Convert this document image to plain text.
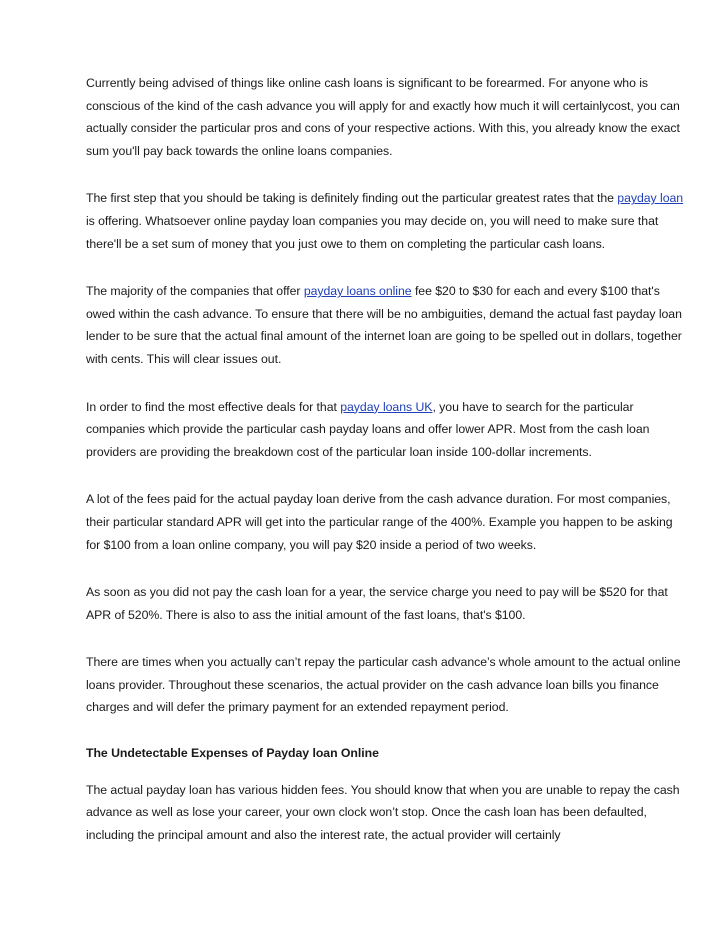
Currently being advised of things like online cash loans is significant to be forearmed. For anyone who is conscious of the kind of the cash advance you will apply for and exactly how much it will certainlycost, you can actually consider the particular pros and cons of your respective actions. With this, you already know the exact sum you'll pay back towards the online loans companies.

The first step that you should be taking is definitely finding out the particular greatest rates that the payday loan is offering. Whatsoever online payday loan companies you may decide on, you will need to make sure that there'll be a set sum of money that you just owe to them on completing the particular cash loans.

The majority of the companies that offer payday loans online fee $20 to $30 for each and every $100 that's owed within the cash advance. To ensure that there will be no ambiguities, demand the actual fast payday loan lender to be sure that the actual final amount of the internet loan are going to be spelled out in dollars, together with cents. This will clear issues out.

In order to find the most effective deals for that payday loans UK, you have to search for the particular companies which provide the particular cash payday loans and offer lower APR. Most from the cash loan providers are providing the breakdown cost of the particular loan inside 100-dollar increments.

A lot of the fees paid for the actual payday loan derive from the cash advance duration. For most companies, their particular standard APR will get into the particular range of the 400%. Example you happen to be asking for $100 from a loan online company, you will pay $20 inside a period of two weeks.

As soon as you did not pay the cash loan for a year, the service charge you need to pay will be $520 for that APR of 520%. There is also to ass the initial amount of the fast loans, that's $100.

There are times when you actually can’t repay the particular cash advance’s whole amount to the actual online loans provider. Throughout these scenarios, the actual provider on the cash advance loan bills you finance charges and will defer the primary payment for an extended repayment period.

The Undetectable Expenses of Payday loan Online

The actual payday loan has various hidden fees. You should know that when you are unable to repay the cash advance as well as lose your career, your own clock won’t stop. Once the cash loan has been defaulted, including the principal amount and also the interest rate, the actual provider will certainly
